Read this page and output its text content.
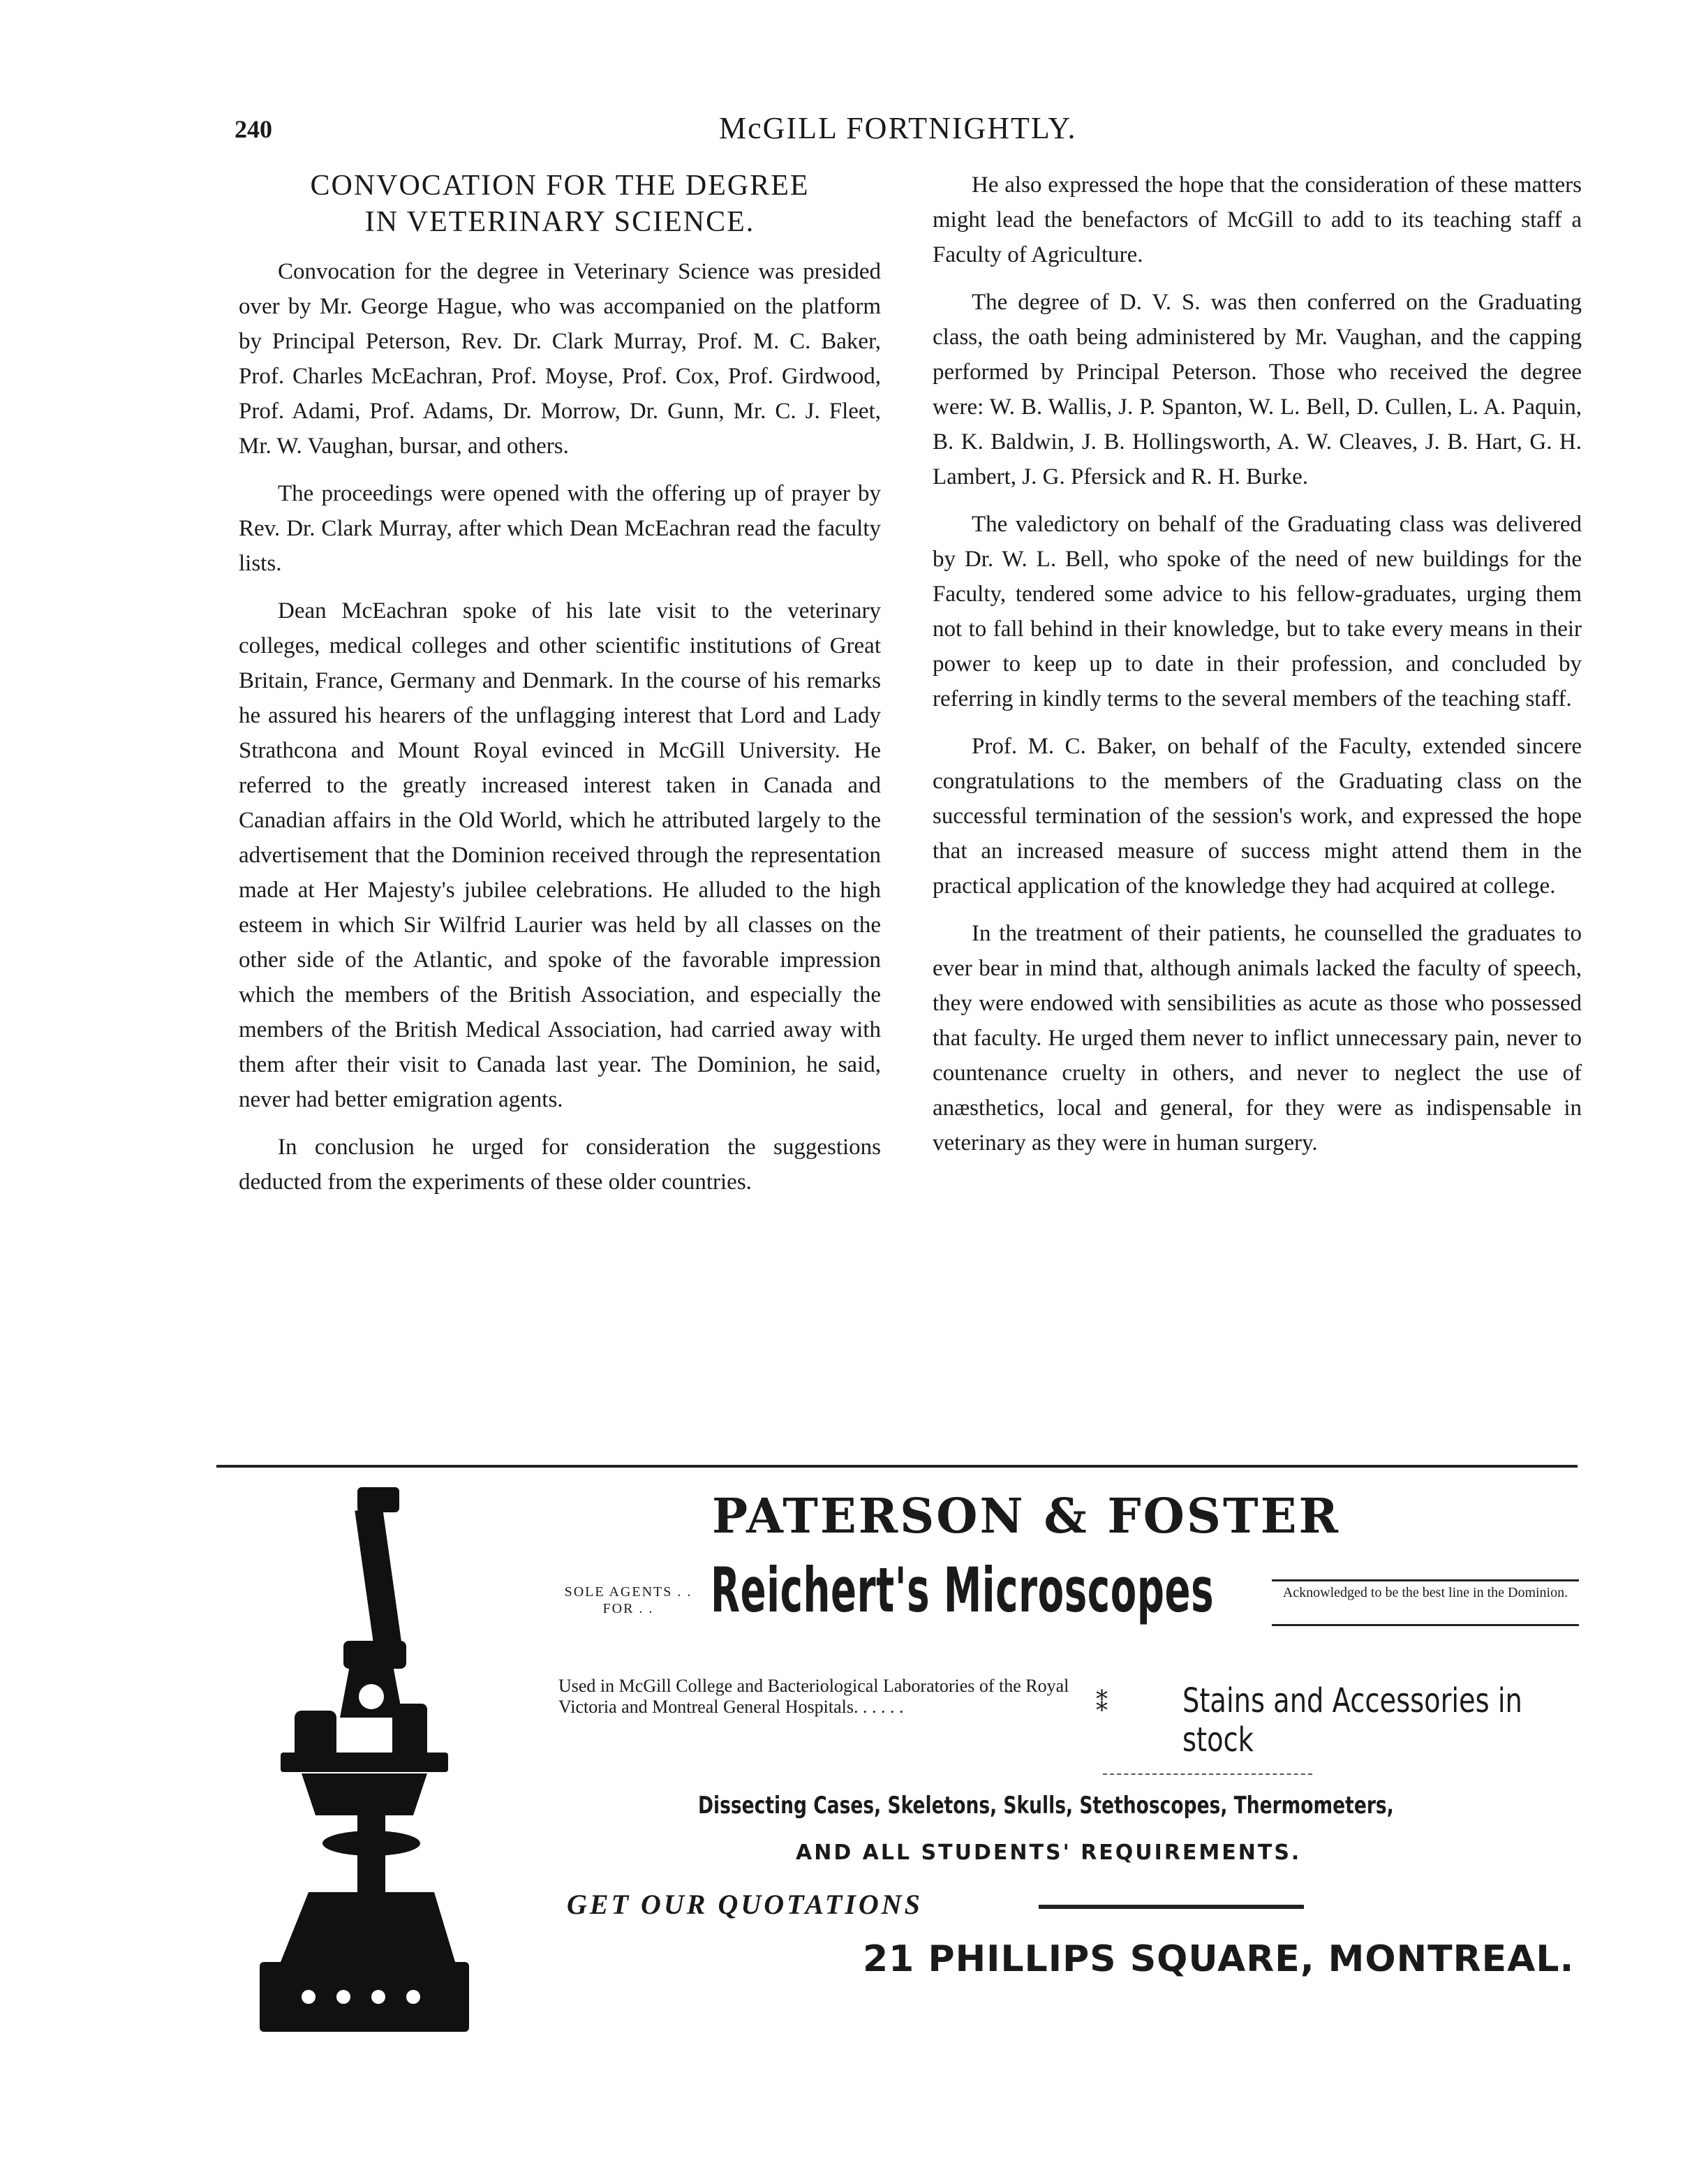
240	McGILL FORTNIGHTLY.
CONVOCATION FOR THE DEGREE
IN VETERINARY SCIENCE.

Convocation for the degree in Veterinary Science was presided over by Mr. George Hague, who was accompanied on the platform by Principal Peterson, Rev. Dr. Clark Murray, Prof. M. C. Baker, Prof. Charles McEachran, Prof. Moyse, Prof. Cox, Prof. Girdwood, Prof. Adami, Prof. Adams, Dr. Morrow, Dr. Gunn, Mr. C. J. Fleet, Mr. W. Vaughan, bursar, and others.

The proceedings were opened with the offering up of prayer by Rev. Dr. Clark Murray, after which Dean McEachran read the faculty lists.

Dean McEachran spoke of his late visit to the veterinary colleges, medical colleges and other scientific institutions of Great Britain, France, Germany and Denmark. In the course of his remarks he assured his hearers of the unflagging interest that Lord and Lady Strathcona and Mount Royal evinced in McGill University. He referred to the greatly increased interest taken in Canada and Canadian affairs in the Old World, which he attributed largely to the advertisement that the Dominion received through the representation made at Her Majesty's jubilee celebrations. He alluded to the high esteem in which Sir Wilfrid Laurier was held by all classes on the other side of the Atlantic, and spoke of the favorable impression which the members of the British Association, and especially the members of the British Medical Association, had carried away with them after their visit to Canada last year. The Dominion, he said, never had better emigration agents.

In conclusion he urged for consideration the suggestions deducted from the experiments of these older countries.

He also expressed the hope that the consideration of these matters might lead the benefactors of McGill to add to its teaching staff a Faculty of Agriculture.

The degree of D. V. S. was then conferred on the Graduating class, the oath being administered by Mr. Vaughan, and the capping performed by Principal Peterson. Those who received the degree were: W. B. Wallis, J. P. Spanton, W. L. Bell, D. Cullen, L. A. Paquin, B. K. Baldwin, J. B. Hollingsworth, A. W. Cleaves, J. B. Hart, G. H. Lambert, J. G. Pfersick and R. H. Burke.

The valedictory on behalf of the Graduating class was delivered by Dr. W. L. Bell, who spoke of the need of new buildings for the Faculty, tendered some advice to his fellow-graduates, urging them not to fall behind in their knowledge, but to take every means in their power to keep up to date in their profession, and concluded by referring in kindly terms to the several members of the teaching staff.

Prof. M. C. Baker, on behalf of the Faculty, extended sincere congratulations to the members of the Graduating class on the successful termination of the session's work, and expressed the hope that an increased measure of success might attend them in the practical application of the knowledge they had acquired at college.

In the treatment of their patients, he counselled the graduates to ever bear in mind that, although animals lacked the faculty of speech, they were endowed with sensibilities as acute as those who possessed that faculty. He urged them never to inflict unnecessary pain, never to countenance cruelty in others, and never to neglect the use of anæsthetics, local and general, for they were as indispensable in veterinary as they were in human surgery.

PATERSON & FOSTER
SOLE AGENTS . . FOR . . Reichert's Microscopes	Acknowledged to be the best line in the Dominion.
Used in McGill College and Bacteriological Laboratories of the Royal Victoria and Montreal General Hospitals. . . . . .	⁑ Stains and Accessories in stock
Dissecting Cases, Skeletons, Skulls, Stethoscopes, Thermometers,
AND ALL STUDENTS' REQUIREMENTS.
GET OUR QUOTATIONS
21 PHILLIPS SQUARE, MONTREAL.
